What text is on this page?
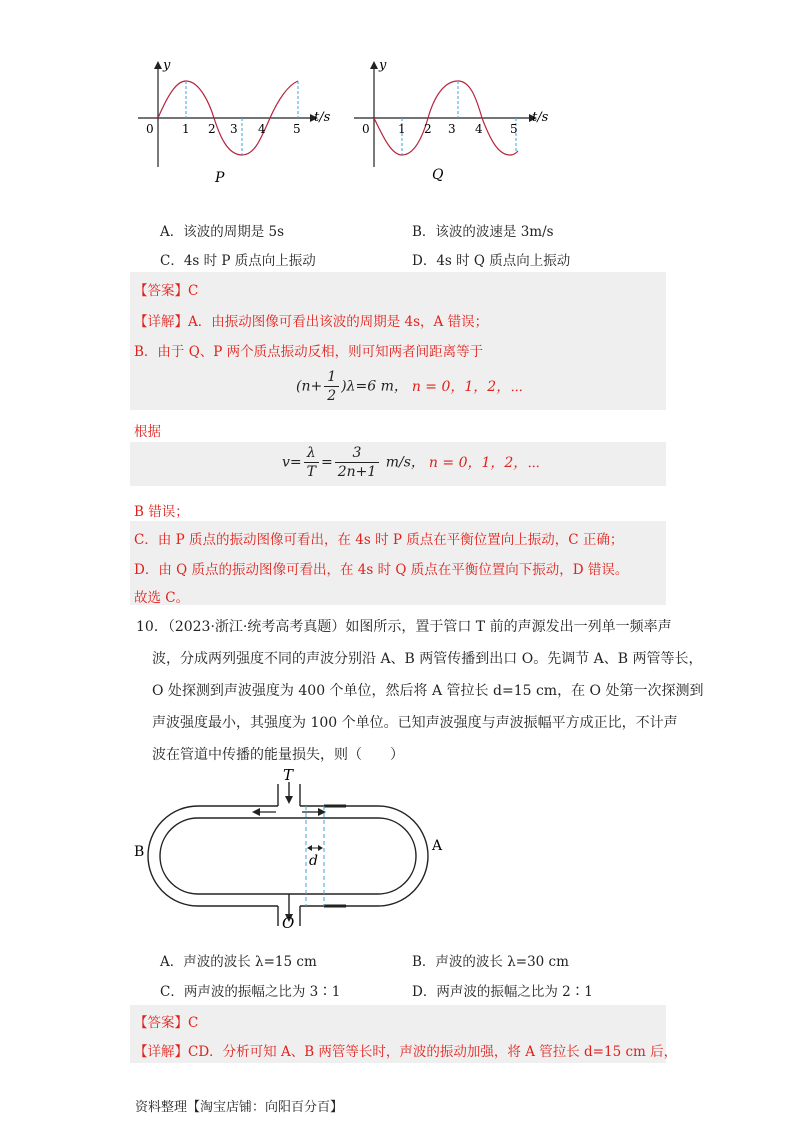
y
t/s
0 1 2 3 4 5
P
y
t/s
0 1 2 3 4 5
Q
A．该波的周期是 5s	B．该波的波速是 3m/s
C．4s 时 P 质点向上振动	D．4s 时 Q 质点向上振动
【答案】C
【详解】A．由振动图像可看出该波的周期是 4s，A 错误；
B．由于 Q、P 两个质点振动反相，则可知两者间距离等于
$(n+ \frac{1}{2} )\lambda=6$ m， n = 0，1，2，⋯
根据
$v= \frac{\lambda}{T} = \frac{3}{2n+1} m/s$， n = 0，1，2，⋯
B 错误；
C．由 P 质点的振动图像可看出，在 4s 时 P 质点在平衡位置向上振动，C 正确；
D．由 Q 质点的振动图像可看出，在 4s 时 Q 质点在平衡位置向下振动，D 错误。
故选 C。
10．（2023·浙江·统考高考真题）如图所示，置于管口 T 前的声源发出一列单一频率声
波，分成两列强度不同的声波分别沿 A、B 两管传播到出口 O。先调节 A、B 两管等长，
O 处探测到声波强度为 400 个单位，然后将 A 管拉长 d=15 cm，在 O 处第一次探测到
声波强度最小，其强度为 100 个单位。已知声波强度与声波振幅平方成正比，不计声
波在管道中传播的能量损失，则（　　）
d
T
O
A
B
A．声波的波长 λ=15 cm	B．声波的波长 λ=30 cm
C．两声波的振幅之比为 3∶1	D．两声波的振幅之比为 2∶1
【答案】C
【详解】CD．分析可知 A、B 两管等长时，声波的振动加强，将 A 管拉长 d=15 cm 后，
资料整理【淘宝店铺：向阳百分百】
